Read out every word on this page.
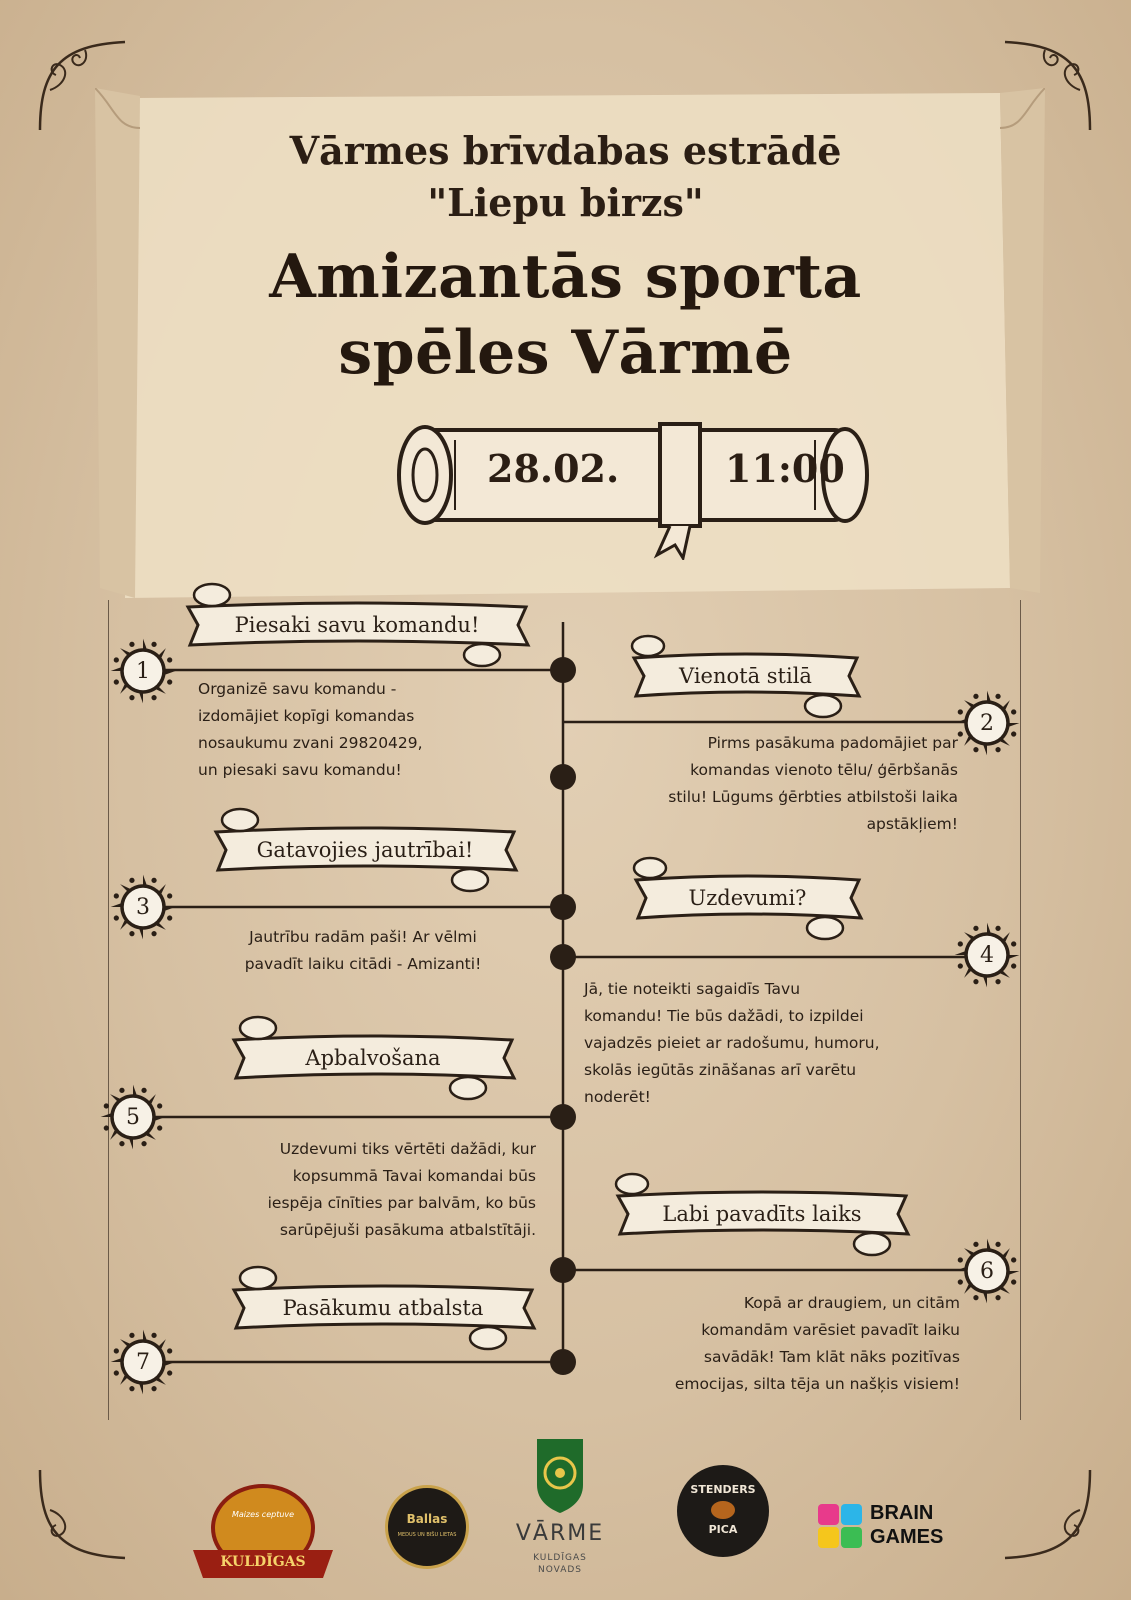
Vārmes brīvdabas estrādē
"Liepu birzs"
Amizantās sporta
spēles Vārmē
28.02.	11:00
1
Piesaki savu komandu!
Organizē savu komandu -
izdomājiet kopīgi komandas
nosaukumu zvani 29820429,
un piesaki savu komandu!
2
Vienotā stilā
Pirms pasākuma padomājiet par
komandas vienoto tēlu/ ģērbšanās
stilu! Lūgums ģērbties atbilstoši laika
apstākļiem!
3
Gatavojies jautrībai!
Jautrību radām paši! Ar vēlmi
pavadīt laiku citādi - Amizanti!	4
Uzdevumi?
Jā, tie noteikti sagaidīs Tavu
komandu! Tie būs dažādi, to izpildei
vajadzēs pieiet ar radošumu, humoru,
skolās iegūtās zināšanas arī varētu
noderēt!
5
Apbalvošana
Uzdevumi tiks vērtēti dažādi, kur
kopsummā Tavai komandai būs
iespēja cīnīties par balvām, ko būs
sarūpējuši pasākuma atbalstītāji.
6
Labi pavadīts laiks
Kopā ar draugiem, un citām
komandām varēsiet pavadīt laiku
savādāk! Tam klāt nāks pozitīvas
emocijas, silta tēja un našķis visiem!
7
Pasākumu atbalsta
Maizes ceptuve
KULDĪGAS
Ballas
MEDUS UN BIŠU LIETAS	VĀRME
KULDĪGAS
NOVADS
STENDERS
PICA
BRAIN
GAMES
